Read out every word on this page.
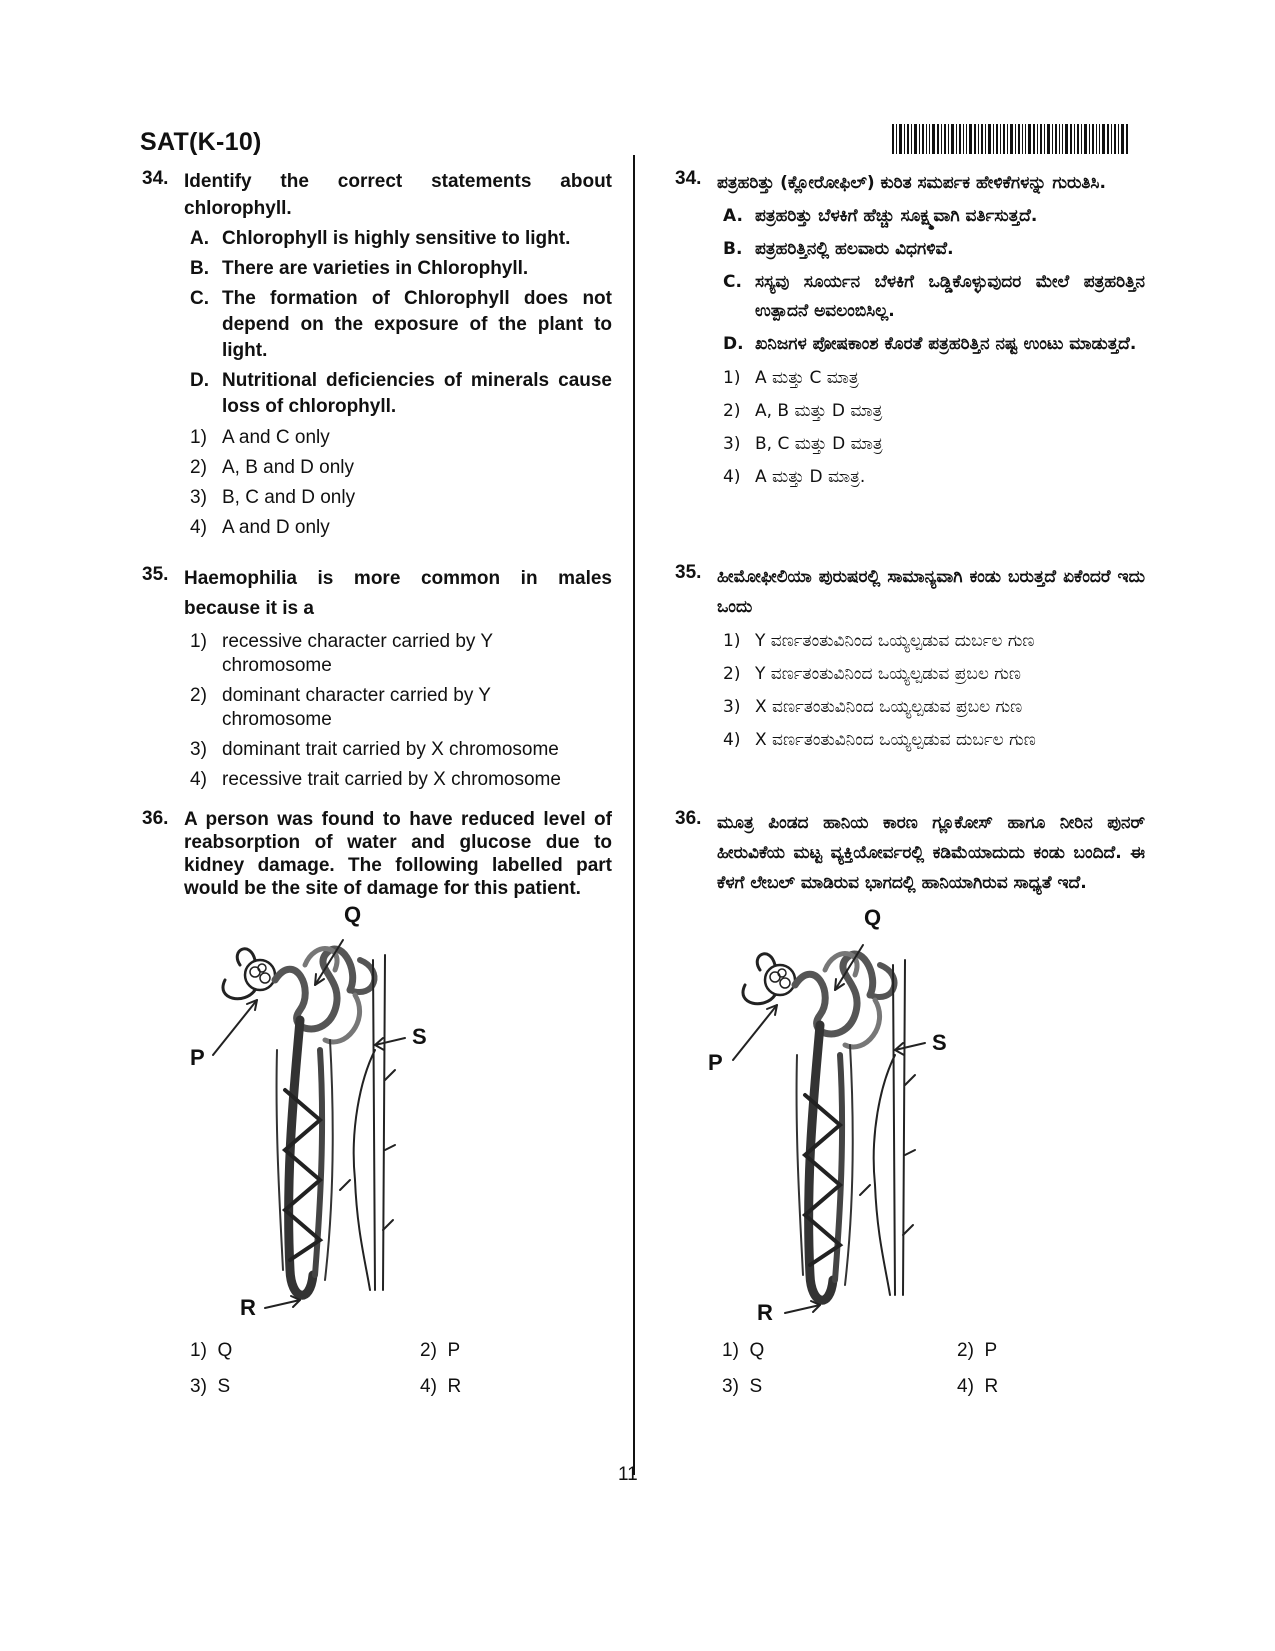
SAT(K-10)
34. Identify the correct statements about chlorophyll.
A. Chlorophyll is highly sensitive to light.
B. There are varieties in Chlorophyll.
C. The formation of Chlorophyll does not depend on the exposure of the plant to light.
D. Nutritional deficiencies of minerals cause loss of chlorophyll.
1) A and C only
2) A, B and D only
3) B, C and D only
4) A and D only
35. Haemophilia is more common in males because it is a
1) recessive character carried by Y chromosome
2) dominant character carried by Y chromosome
3) dominant trait carried by X chromosome
4) recessive trait carried by X chromosome
36. A person was found to have reduced level of reabsorption of water and glucose due to kidney damage. The following labelled part would be the site of damage for this patient.
Q
P
S
R
1) Q	2) P
3) S	4) R
34. ಪತ್ರಹರಿತ್ತು (ಕ್ಲೋರೋಫಿಲ್) ಕುರಿತ ಸಮರ್ಪಕ ಹೇಳಿಕೆಗಳನ್ನು ಗುರುತಿಸಿ.
A. ಪತ್ರಹರಿತ್ತು ಬೆಳಕಿಗೆ ಹೆಚ್ಚು ಸೂಕ್ಷ್ಮವಾಗಿ ವರ್ತಿಸುತ್ತದೆ.
B. ಪತ್ರಹರಿತ್ತಿನಲ್ಲಿ ಹಲವಾರು ವಿಧಗಳಿವೆ.
C. ಸಸ್ಯವು ಸೂರ್ಯನ ಬೆಳಕಿಗೆ ಒಡ್ಡಿಕೊಳ್ಳುವುದರ ಮೇಲೆ ಪತ್ರಹರಿತ್ತಿನ ಉತ್ಪಾದನೆ ಅವಲಂಬಿಸಿಲ್ಲ.
D. ಖನಿಜಗಳ ಪೋಷಕಾಂಶ ಕೊರತೆ ಪತ್ರಹರಿತ್ತಿನ ನಷ್ಟ ಉಂಟು ಮಾಡುತ್ತದೆ.
1) A ಮತ್ತು C ಮಾತ್ರ
2) A, B ಮತ್ತು D ಮಾತ್ರ
3) B, C ಮತ್ತು D ಮಾತ್ರ
4) A ಮತ್ತು D ಮಾತ್ರ.
35. ಹೀಮೋಫೀಲಿಯಾ ಪುರುಷರಲ್ಲಿ ಸಾಮಾನ್ಯವಾಗಿ ಕಂಡು ಬರುತ್ತದೆ ಏಕೆಂದರೆ ಇದು ಒಂದು
1) Y ವರ್ಣತಂತುವಿನಿಂದ ಒಯ್ಯಲ್ಪಡುವ ದುರ್ಬಲ ಗುಣ
2) Y ವರ್ಣತಂತುವಿನಿಂದ ಒಯ್ಯಲ್ಪಡುವ ಪ್ರಬಲ ಗುಣ
3) X ವರ್ಣತಂತುವಿನಿಂದ ಒಯ್ಯಲ್ಪಡುವ ಪ್ರಬಲ ಗುಣ
4) X ವರ್ಣತಂತುವಿನಿಂದ ಒಯ್ಯಲ್ಪಡುವ ದುರ್ಬಲ ಗುಣ
36. ಮೂತ್ರ ಪಿಂಡದ ಹಾನಿಯ ಕಾರಣ ಗ್ಲೂಕೋಸ್ ಹಾಗೂ ನೀರಿನ ಪುನರ್ ಹೀರುವಿಕೆಯ ಮಟ್ಟ ವ್ಯಕ್ತಿಯೋರ್ವರಲ್ಲಿ ಕಡಿಮೆಯಾದುದು ಕಂಡು ಬಂದಿದೆ. ಈ ಕೆಳಗೆ ಲೇಬಲ್ ಮಾಡಿರುವ ಭಾಗದಲ್ಲಿ ಹಾನಿಯಾಗಿರುವ ಸಾಧ್ಯತೆ ಇದೆ.
Q
P
S
R
1) Q	2) P
3) S	4) R
11
